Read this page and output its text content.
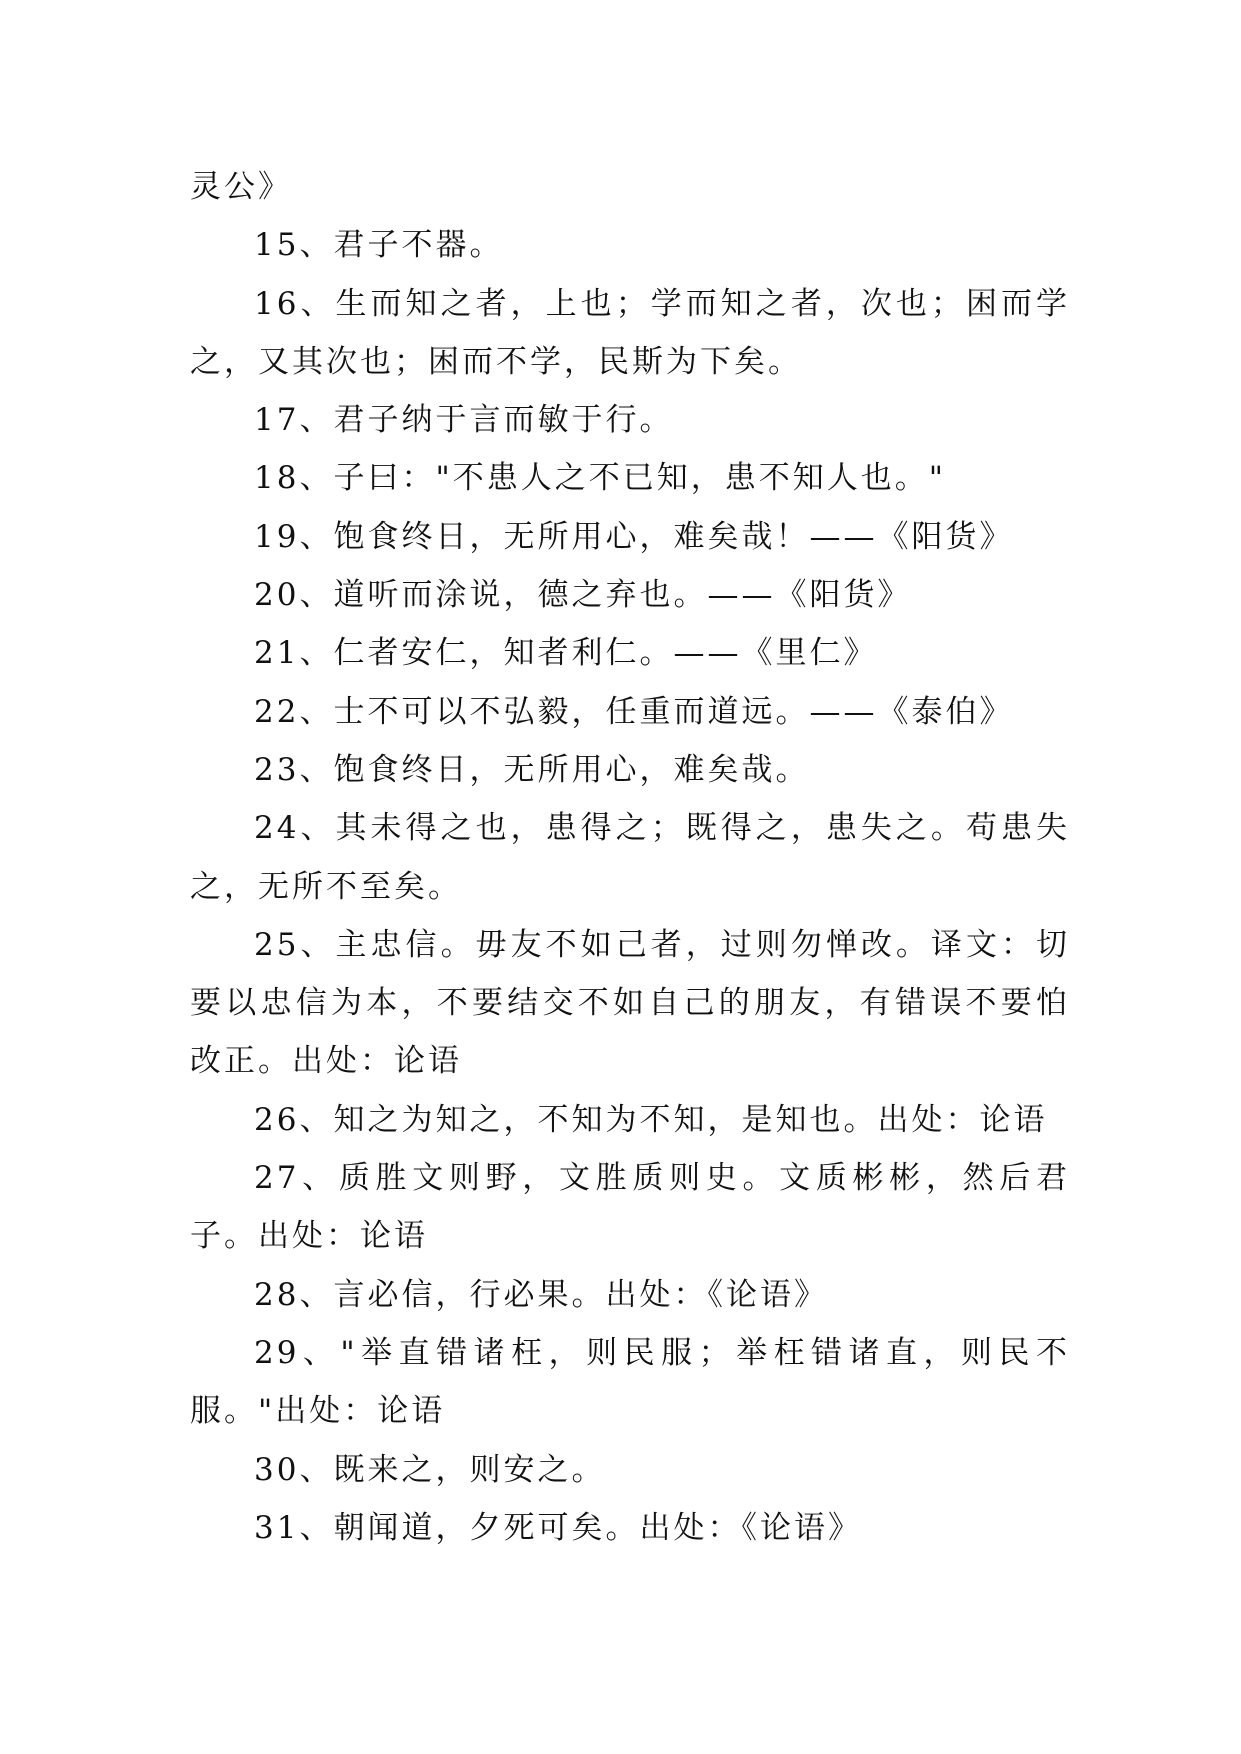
灵公》

15、君子不器。

16、生而知之者，上也；学而知之者，次也；困而学之，又其次也；困而不学，民斯为下矣。

17、君子纳于言而敏于行。

18、子曰："不患人之不已知，患不知人也。"

19、饱食终日，无所用心，难矣哉！——《阳货》

20、道听而涂说，德之弃也。——《阳货》

21、仁者安仁，知者利仁。——《里仁》

22、士不可以不弘毅，任重而道远。——《泰伯》

23、饱食终日，无所用心，难矣哉。

24、其未得之也，患得之；既得之，患失之。苟患失之，无所不至矣。

25、主忠信。毋友不如己者，过则勿惮改。译文：切要以忠信为本，不要结交不如自己的朋友，有错误不要怕改正。出处：论语

26、知之为知之，不知为不知，是知也。出处：论语

27、质胜文则野，文胜质则史。文质彬彬，然后君子。出处：论语

28、言必信，行必果。出处：《论语》

29、"举直错诸枉，则民服；举枉错诸直，则民不服。"出处：论语

30、既来之，则安之。

31、朝闻道，夕死可矣。出处：《论语》
